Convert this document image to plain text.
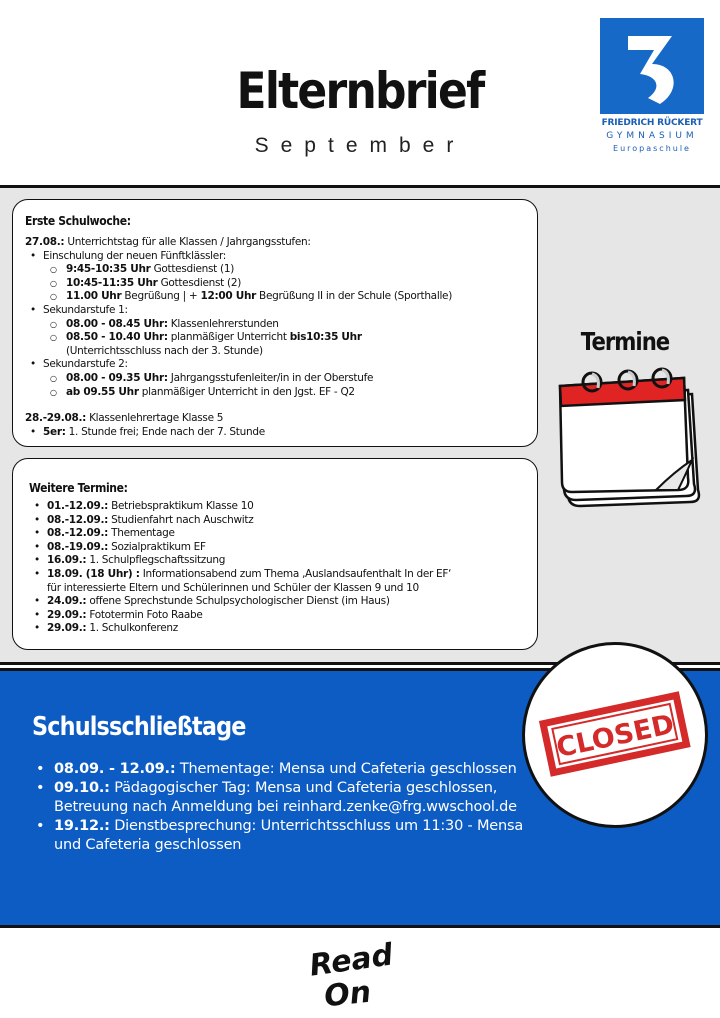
Elternbrief
September
FRIEDRICH RÜCKERT
GYMNASIUM
Europaschule
Erste Schulwoche:
27.08.: Unterrichtstag für alle Klassen / Jahrgangsstufen:
• Einschulung der neuen Fünftklässler:
○ 9:45-10:35 Uhr Gottesdienst (1)
○ 10:45-11:35 Uhr Gottesdienst (2)
○ 11.00 Uhr Begrüßung | + 12:00 Uhr Begrüßung II in der Schule (Sporthalle)
• Sekundarstufe 1:
○ 08.00 - 08.45 Uhr: Klassenlehrerstunden
○ 08.50 - 10.40 Uhr: planmäßiger Unterricht bis10:35 Uhr
(Unterrichtsschluss nach der 3. Stunde)
• Sekundarstufe 2:
○ 08.00 - 09.35 Uhr: Jahrgangsstufenleiter/in in der Oberstufe
○ ab 09.55 Uhr planmäßiger Unterricht in den Jgst. EF - Q2
28.-29.08.: Klassenlehrertage Klasse 5
• 5er: 1. Stunde frei; Ende nach der 7. Stunde
Weitere Termine:
• 01.-12.09.: Betriebspraktikum Klasse 10
• 08.-12.09.: Studienfahrt nach Auschwitz
• 08.-12.09.: Thementage
• 08.-19.09.: Sozialpraktikum EF
• 16.09.: 1. Schulpflegschaftssitzung
• 18.09. (18 Uhr) : Informationsabend zum Thema ‚Auslandsaufenthalt In der EF‘
für interessierte Eltern und Schülerinnen und Schüler der Klassen 9 und 10
• 24.09.: offene Sprechstunde Schulpsychologischer Dienst (im Haus)
• 29.09.: Fototermin Foto Raabe
• 29.09.: 1. Schulkonferenz
Termine
Schulsschließtage
• 08.09. - 12.09.: Thementage: Mensa und Cafeteria geschlossen
• 09.10.: Pädagogischer Tag: Mensa und Cafeteria geschlossen, Betreuung nach Anmeldung bei reinhard.zenke@frg.wwschool.de
• 19.12.: Dienstbesprechung: Unterrichtsschluss um 11:30 - Mensa und Cafeteria geschlossen
CLOSED
Read
On
